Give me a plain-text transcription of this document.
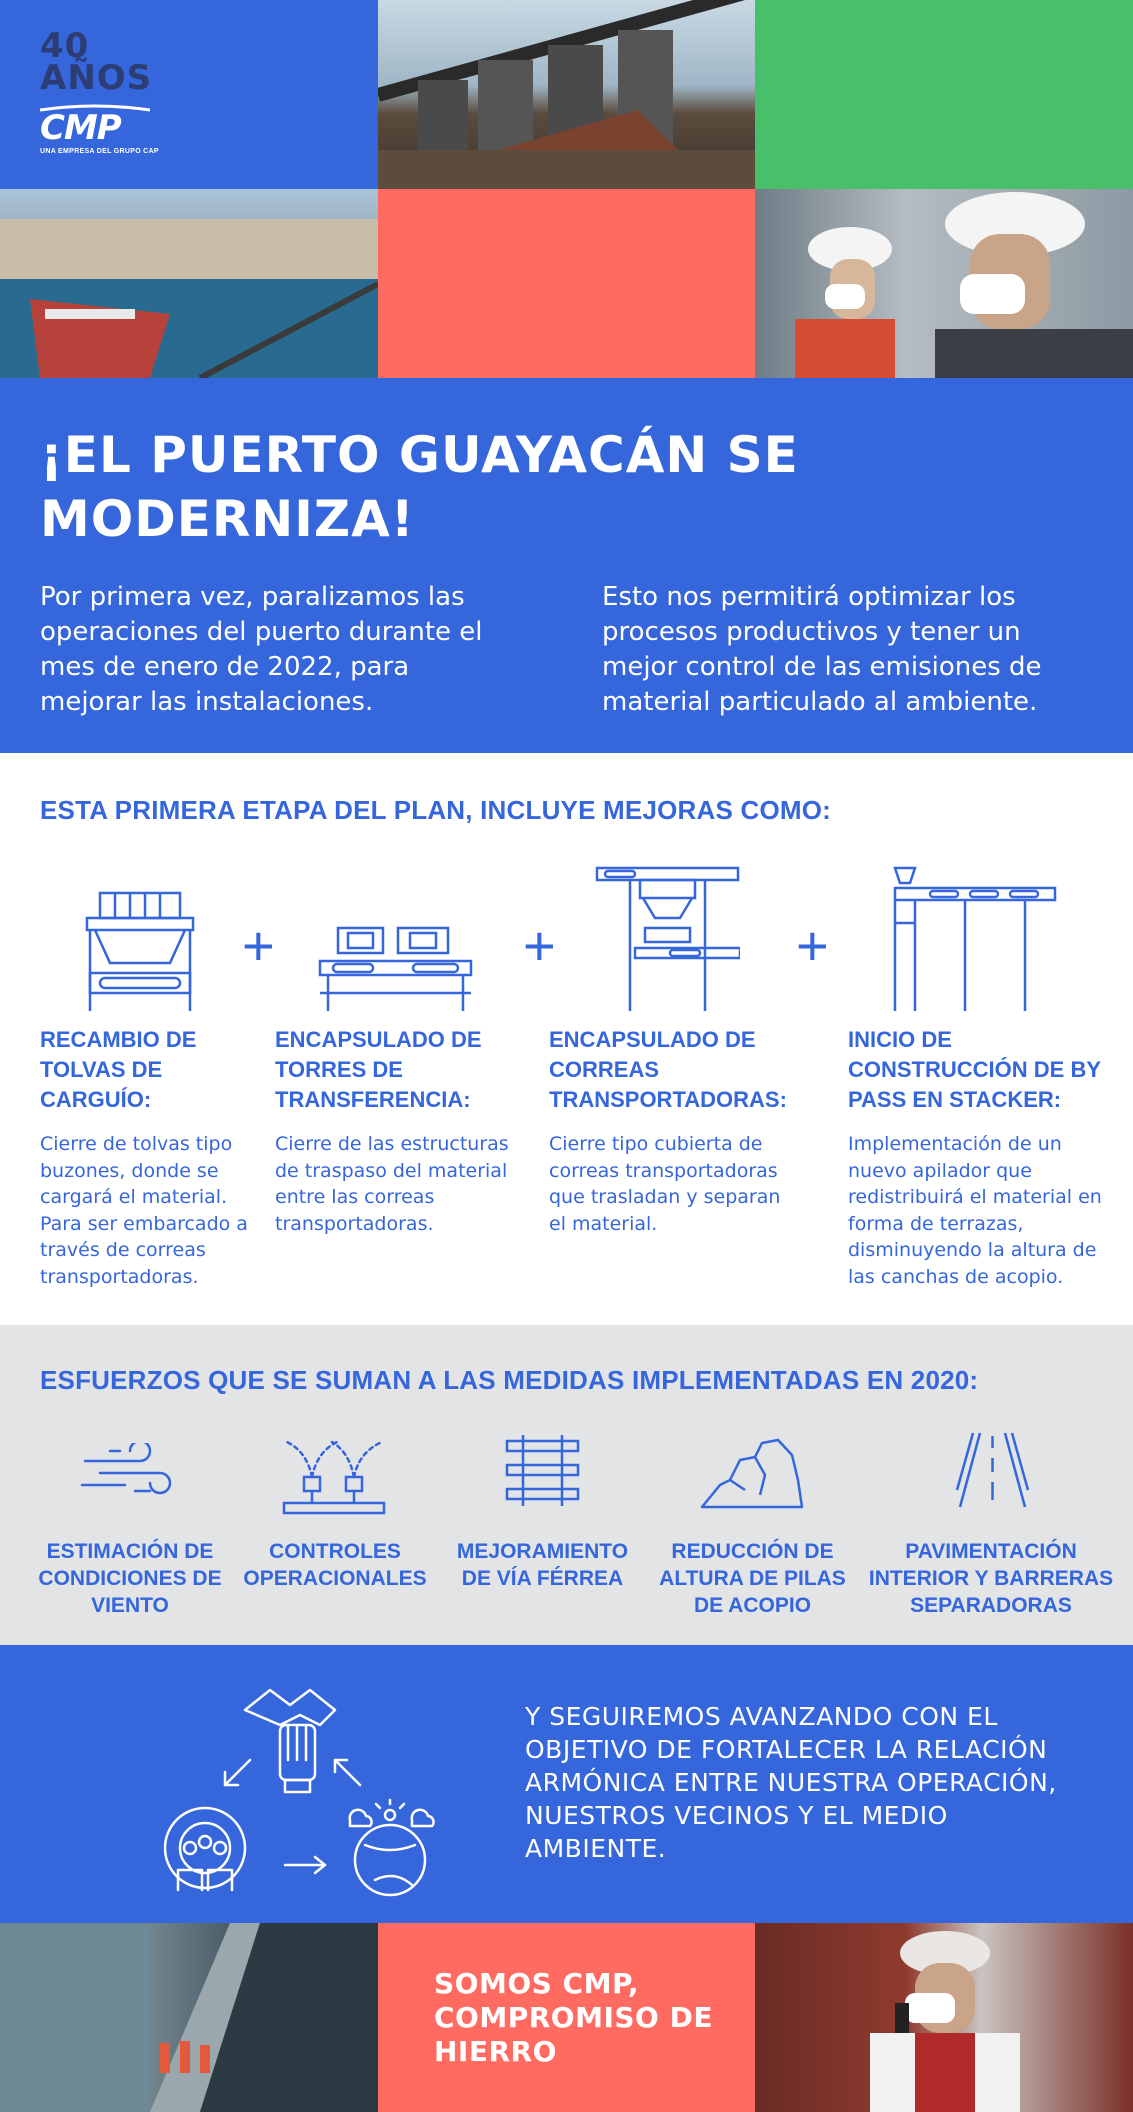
40 AÑOS
CMP
UNA EMPRESA DEL GRUPO CAP
¡EL PUERTO GUAYACÁN SE MODERNIZA!

Por primera vez, paralizamos las operaciones del puerto durante el mes de enero de 2022, para mejorar las instalaciones.

Esto nos permitirá optimizar los procesos productivos y tener un mejor control de las emisiones de material particulado al ambiente.

ESTA PRIMERA ETAPA DEL PLAN, INCLUYE MEJORAS COMO:
+	+	+
RECAMBIO DE TOLVAS DE CARGUÍO:
ENCAPSULADO DE TORRES DE TRANSFERENCIA:
ENCAPSULADO DE CORREAS TRANSPORTADORAS:
INICIO DE CONSTRUCCIÓN DE BY PASS EN STACKER:
Cierre de tolvas tipo buzones, donde se cargará el material. Para ser embarcado a través de correas transportadoras.
Cierre de las estructuras de traspaso del material entre las correas transportadoras.
Cierre tipo cubierta de correas transportadoras que trasladan y separan el material.
Implementación de un nuevo apilador que redistribuirá el material en forma de terrazas, disminuyendo la altura de las canchas de acopio.
ESFUERZOS QUE SE SUMAN A LAS MEDIDAS IMPLEMENTADAS EN 2020:
ESTIMACIÓN DE CONDICIONES DE VIENTO
CONTROLES OPERACIONALES
MEJORAMIENTO DE VÍA FÉRREA
REDUCCIÓN DE ALTURA DE PILAS DE ACOPIO
PAVIMENTACIÓN INTERIOR Y BARRERAS SEPARADORAS

Y SEGUIREMOS AVANZANDO CON EL OBJETIVO DE FORTALECER LA RELACIÓN ARMÓNICA ENTRE NUESTRA OPERACIÓN, NUESTROS VECINOS Y EL MEDIO AMBIENTE.

SOMOS CMP, COMPROMISO DE HIERRO
